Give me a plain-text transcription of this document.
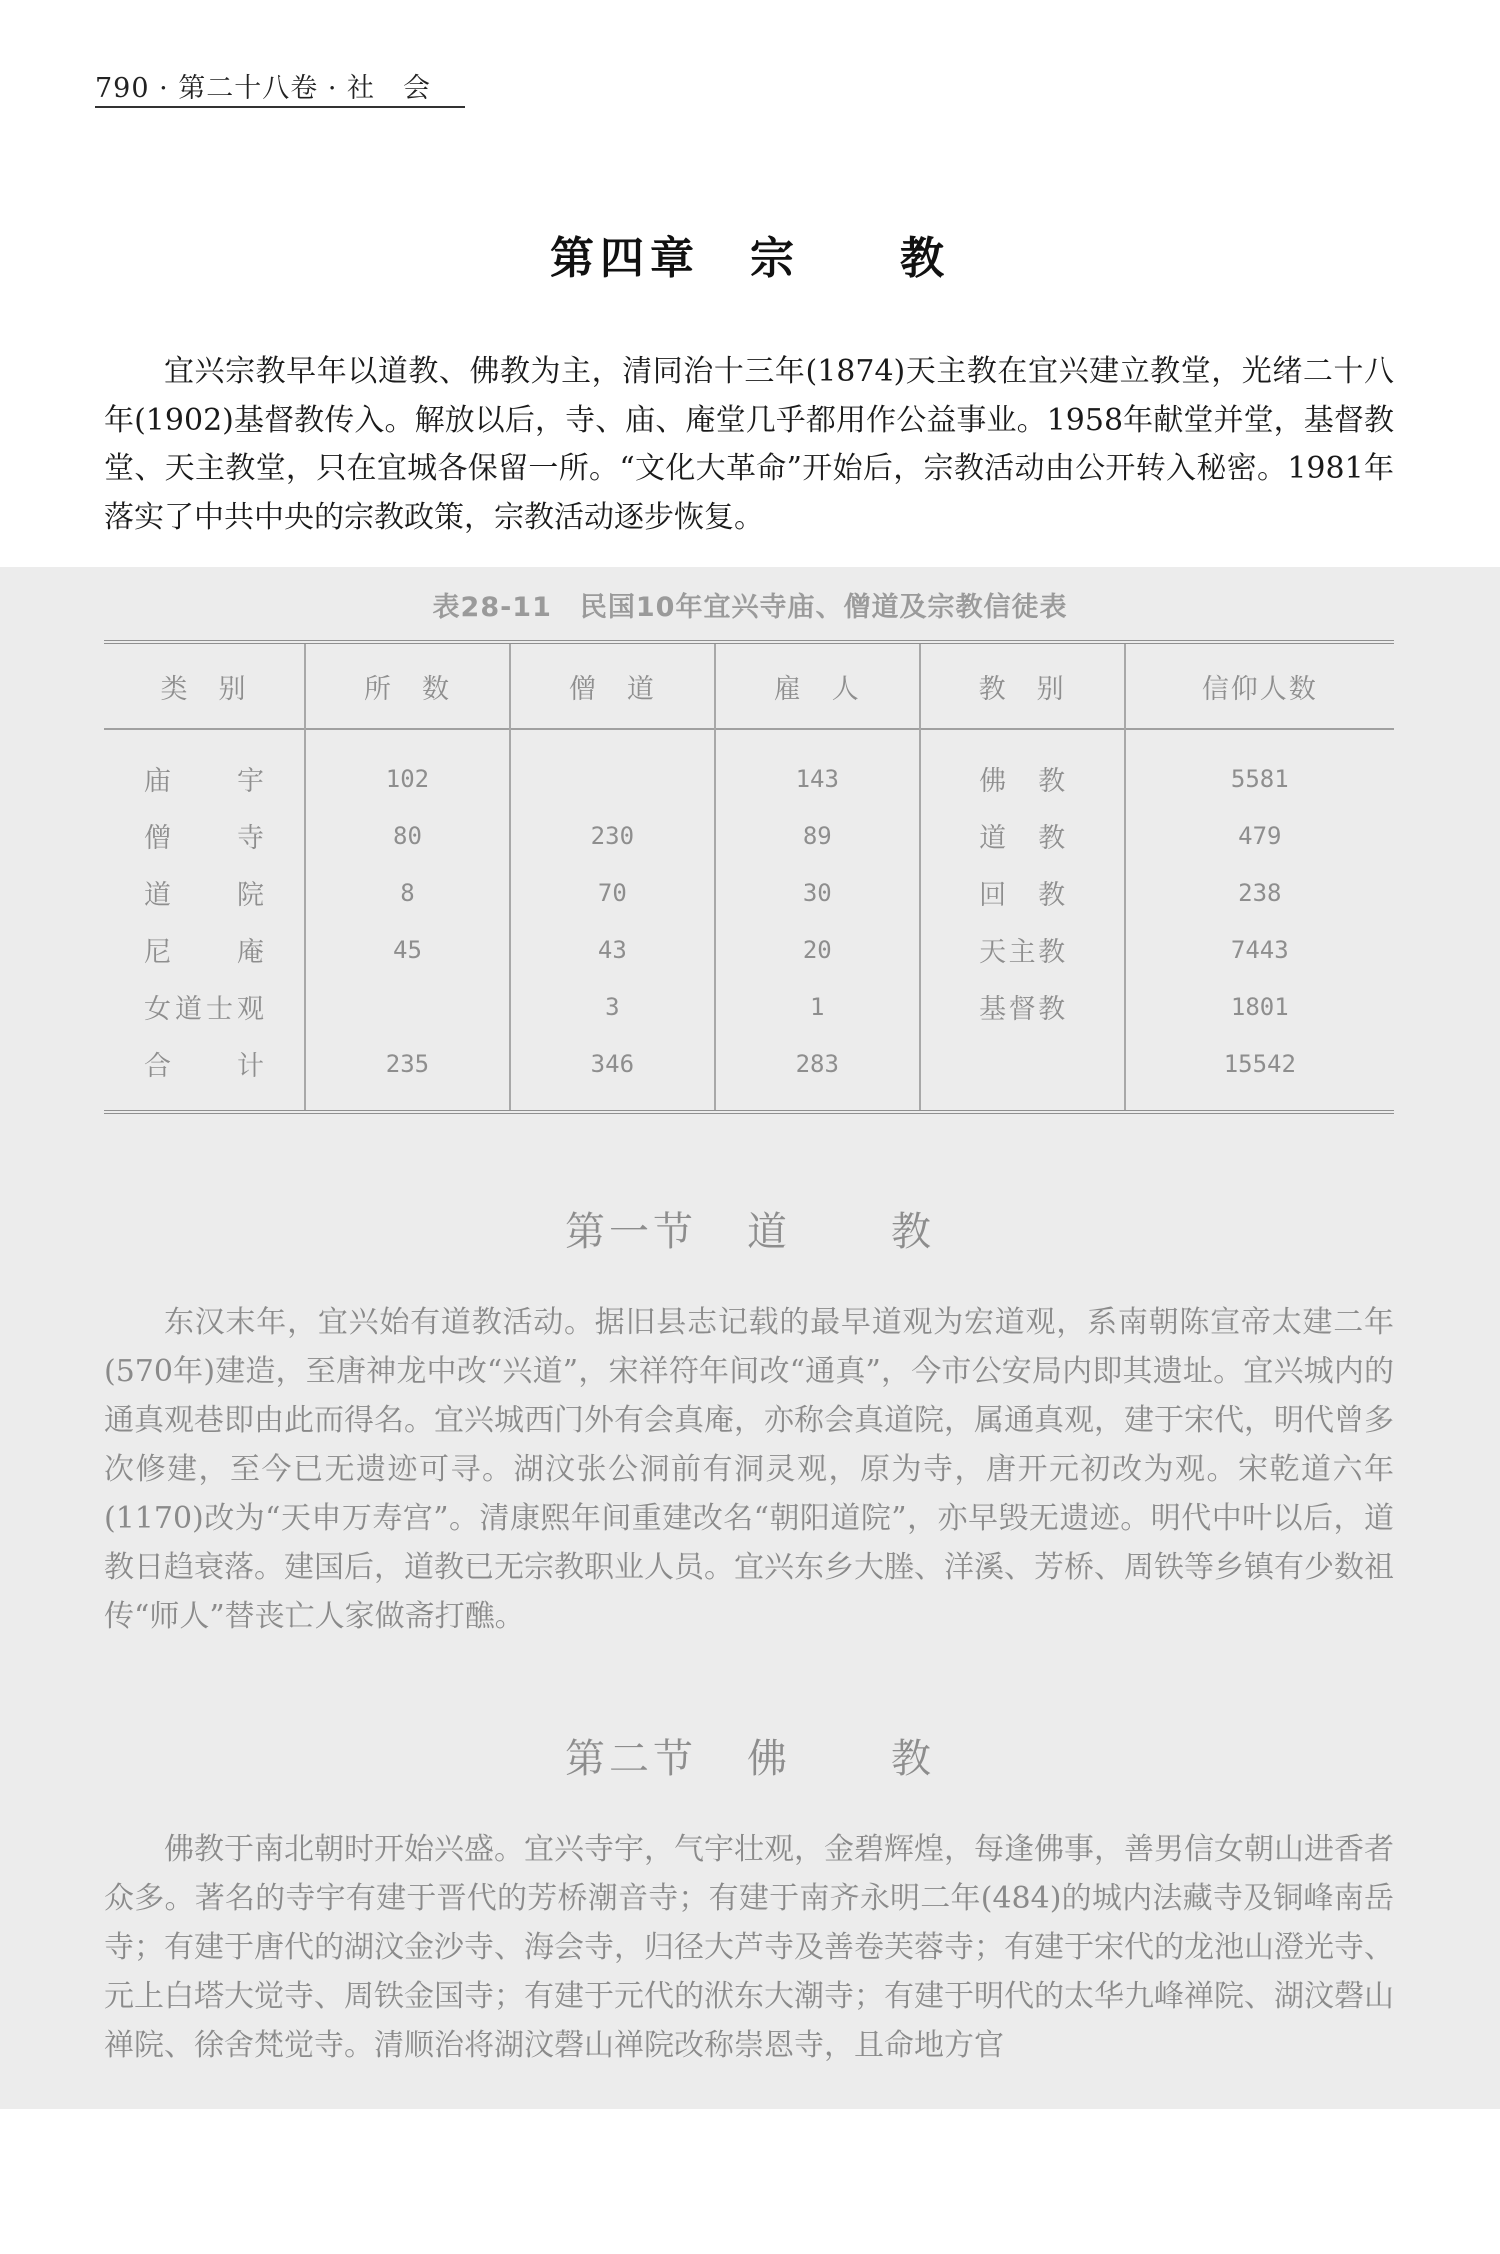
790 · 第二十八卷 · 社　会
第四章　宗　　教

宜兴宗教早年以道教、佛教为主，清同治十三年(1874)天主教在宜兴建立教堂，光绪二十八年(1902)基督教传入。解放以后，寺、庙、庵堂几乎都用作公益事业。1958年献堂并堂，基督教堂、天主教堂，只在宜城各保留一所。“文化大革命”开始后，宗教活动由公开转入秘密。1981年落实了中共中央的宗教政策，宗教活动逐步恢复。

表28-11　民国10年宜兴寺庙、僧道及宗教信徒表
类　别	所　数	僧　道	雇　人	教　别	信仰人数
庙宇	102		143	佛教	5581
僧寺	80	230	89	道教	479
道院	8	70	30	回教	238
尼庵	45	43	20	天主教	7443
女道士观		3	1	基督教	1801
合计	235	346	283		15542
第一节 道	教

东汉末年，宜兴始有道教活动。据旧县志记载的最早道观为宏道观，系南朝陈宣帝太建二年(570年)建造，至唐神龙中改“兴道”，宋祥符年间改“通真”，今市公安局内即其遗址。宜兴城内的通真观巷即由此而得名。宜兴城西门外有会真庵，亦称会真道院，属通真观，建于宋代，明代曾多次修建，至今已无遗迹可寻。湖汶张公洞前有洞灵观，原为寺，唐开元初改为观。宋乾道六年(1170)改为“天申万寿宫”。清康熙年间重建改名“朝阳道院”，亦早毁无遗迹。明代中叶以后，道教日趋衰落。建国后，道教已无宗教职业人员。宜兴东乡大塍、洋溪、芳桥、周铁等乡镇有少数祖传“师人”替丧亡人家做斋打醮。

第二节 佛	教

佛教于南北朝时开始兴盛。宜兴寺宇，气宇壮观，金碧辉煌，每逢佛事，善男信女朝山进香者众多。著名的寺宇有建于晋代的芳桥潮音寺；有建于南齐永明二年(484)的城内法藏寺及铜峰南岳寺；有建于唐代的湖汶金沙寺、海会寺，归径大芦寺及善卷芙蓉寺；有建于宋代的龙池山澄光寺、元上白塔大觉寺、周铁金国寺；有建于元代的洑东大潮寺；有建于明代的太华九峰禅院、湖汶磬山禅院、徐舍梵觉寺。清顺治将湖汶磬山禅院改称崇恩寺，且命地方官
